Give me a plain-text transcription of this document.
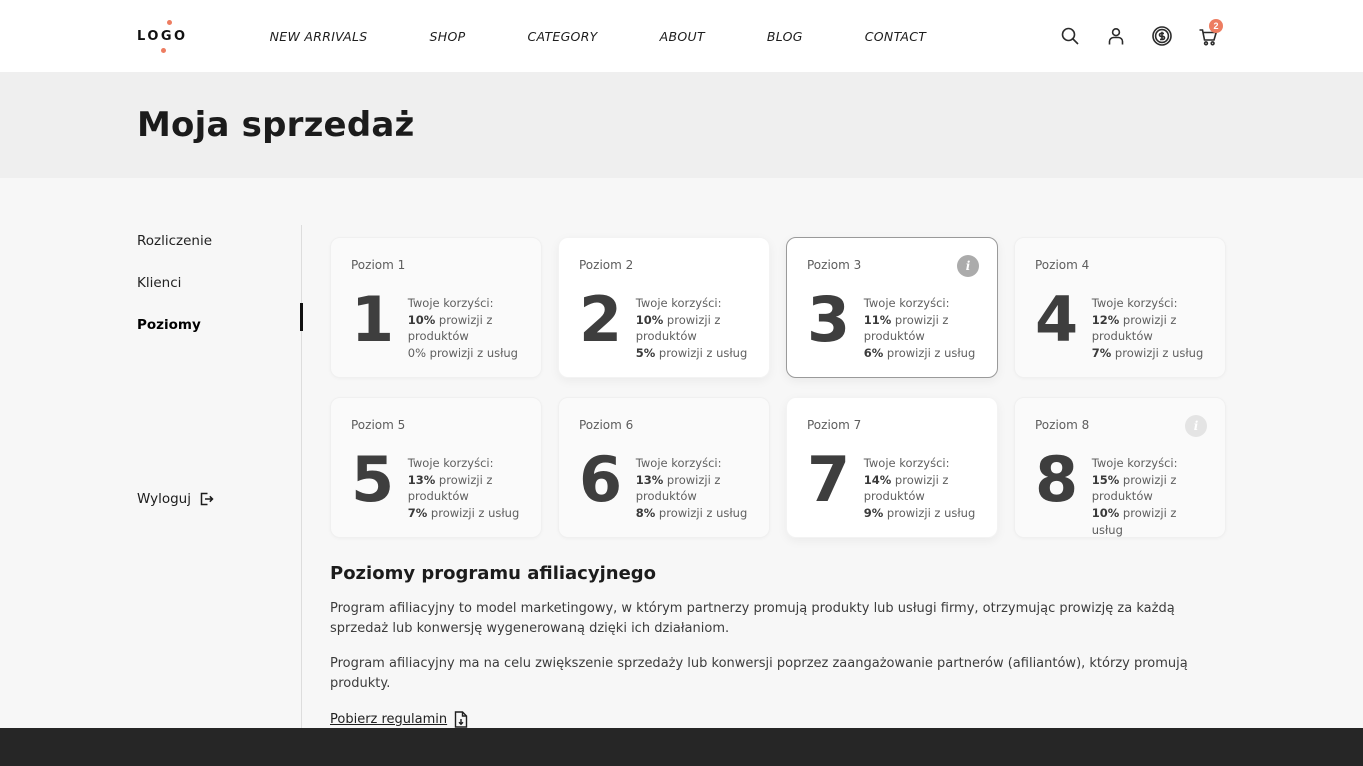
LOGO	NEW ARRIVALS	SHOP	CATEGORY	ABOUT	BLOG	CONTACT
2
Moja sprzedaż
Rozliczenie
Klienci
Poziomy
Wyloguj
Poziom 1
1	Twoje korzyści:
10% prowizji z produktów
0% prowizji z usług
Poziom 2
2	Twoje korzyści:
10% prowizji z produktów
5% prowizji z usług
Poziom 3	i
3	Twoje korzyści:
11% prowizji z produktów
6% prowizji z usług
Poziom 4
4	Twoje korzyści:
12% prowizji z produktów
7% prowizji z usług
Poziom 5
5	Twoje korzyści:
13% prowizji z produktów
7% prowizji z usług
Poziom 6
6	Twoje korzyści:
13% prowizji z produktów
8% prowizji z usług
Poziom 7
7	Twoje korzyści:
14% prowizji z produktów
9% prowizji z usług
Poziom 8	i
8	Twoje korzyści:
15% prowizji z produktów
10% prowizji z usług
Poziomy programu afiliacyjnego

Program afiliacyjny to model marketingowy, w którym partnerzy promują produkty lub usługi firmy, otrzymując prowizję za każdą sprzedaż lub konwersję wygenerowaną dzięki ich działaniom.

Program afiliacyjny ma na celu zwiększenie sprzedaży lub konwersji poprzez zaangażowanie partnerów (afiliantów), którzy promują produkty.

Pobierz regulamin
